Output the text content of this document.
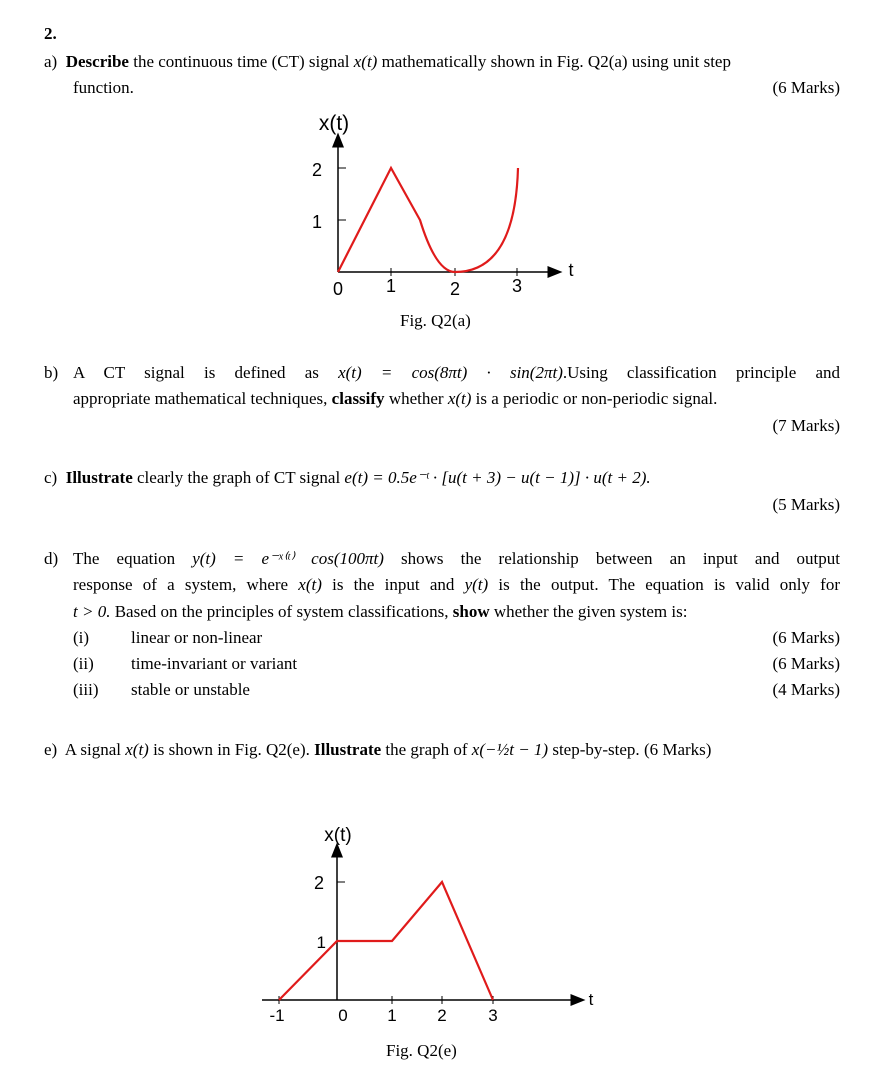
2.
a) Describe the continuous time (CT) signal x(t) mathematically shown in Fig. Q2(a) using unit step
function.	(6 Marks)
x(t)
2
1
0 1	2	3
t
Fig. Q2(a)
b) A CT signal is defined as x(t) = cos(8πt) · sin(2πt).Using classification principle and
appropriate mathematical techniques, classify whether x(t) is a periodic or non-periodic signal.
(7 Marks)
c) Illustrate clearly the graph of CT signal e(t) = 0.5e⁻ᵗ · [u(t + 3) − u(t − 1)] · u(t + 2).
(5 Marks)
d) The equation y(t) = e⁻ˣ⁽ᵗ⁾ cos(100πt) shows the relationship between an input and output
response of a system, where x(t) is the input and y(t) is the output. The equation is valid only for
t > 0. Based on the principles of system classifications, show whether the given system is:
(i) linear or non-linear	(6 Marks)
(ii) time-invariant or variant	(6 Marks)
(iii) stable or unstable	(4 Marks)
e) A signal x(t) is shown in Fig. Q2(e). Illustrate the graph of x(−½t − 1) step-by-step. (6 Marks)
x(t)
2
1
-1	0 1 2 3
t
Fig. Q2(e)
